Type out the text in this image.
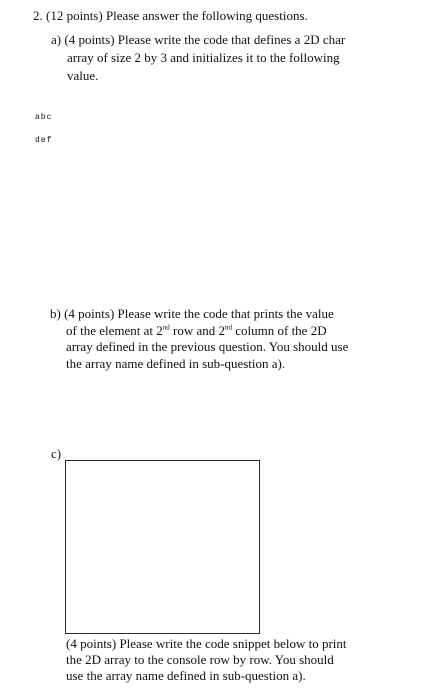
2. (12 points) Please answer the following questions.
a) (4 points) Please write the code that defines a 2D char
array of size 2 by 3 and initializes it to the following
value.
abc
def
b) (4 points) Please write the code that prints the value
of the element at 2nd row and 2nd column of the 2D
array defined in the previous question. You should use
the array name defined in sub-question a).
c)
(4 points) Please write the code snippet below to print
the 2D array to the console row by row. You should
use the array name defined in sub-question a).
